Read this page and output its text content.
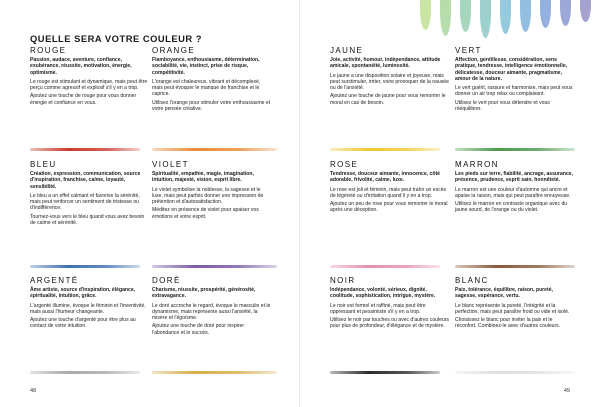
QUELLE SERA VOTRE COULEUR ?
ROUGE
Passion, audace, aventure, confiance, exubérance, réussite, motivation, énergie, optimisme.
Le rouge est stimulant et dynamique, mais peut être perçu comme agressif et explosif s'il y en a trop.
Ajoutez une touche de rouge pour vous donner énergie et confiance en vous.
ORANGE
Flamboyance, enthousiasme, détermination, sociabilité, vie, instinct, prise de risque, compétitivité.
L'orange est chaleureux, vibrant et décomplexé, mais peut évoquer le manque de franchise et le caprice.
Utilisez l'orange pour stimuler votre enthousiasme et votre pensée créative.
BLEU
Création, expression, communication, source d'inspiration, franchise, calme, loyauté, sensibilité.
Le bleu a un effet calmant et favorise la sérénité, mais peut renforcer un sentiment de tristesse ou d'indifférence.
Tournez-vous vers le bleu quand vous avez besoin de calme et sérénité.
VIOLET
Spiritualité, empathie, magie, imagination, intuition, majesté, vision, esprit libre.
Le violet symbolise la noblesse, la sagesse et le luxe, mais peut parfois donner une impression de prétention et d'autosatisfaction.
Méditez en présence de violet pour apaiser vos émotions et votre esprit.
ARGENTÉ
Âme artiste, source d'inspiration, élégance, spiritualité, intuition, grâce.
L'argenté illumine, évoque le féminin et l'inventivité, mais aussi l'humeur changeante.
Ajoutez une touche d'argenté pour être plus au contact de votre intuition.
DORÉ
Charisme, réussite, prospérité, générosité, extravagance.
Le doré accroche le regard, évoque le masculin et le dynamisme, mais représente aussi l'anxiété, la misère et l'égoïsme.
Ajoutez une touche de doré pour inspirer l'abondance et le succès.
48
JAUNE
Joie, activité, humour, indépendance, attitude amicale, spontanéité, luminosité.
Le jaune a une disposition solaire et joyeuse, mais peut surstimuler, irriter, voire provoquer de la nausée ou de l'anxiété.
Ajoutez une touche de jaune pour vous remonter le moral en cas de besoin.
VERT
Affection, gentillesse, considération, sens pratique, tendresse, intelligence émotionnelle, délicatesse, douceur aimante, pragmatisme, amour de la nature.
Le vert guérit, rassure et harmonise, mais peut vous donner un air trop relax ou complaisant.
Utilisez le vert pour vous détendre et vous rééquilibrer.
ROSE
Tendresse, douceur aimante, innocence, côté adorable, frivolité, calme, luxe.
Le rose est joli et féminin, mais peut trahir un excès de légèreté ou d'irritation quand il y en a trop.
Ajoutez un peu de rose pour vous remonter le moral après une déception.
MARRON
Les pieds sur terre, fiabilité, ancrage, assurance, présence, prudence, esprit sain, honnêteté.
Le marron est une couleur d'automne qui ancre et apaise la raison, mais qui peut paraître ennuyeuse.
Utilisez le marron en contraste organique avec du jaune sourd, de l'orange ou du violet.
NOIR
Indépendance, volonté, sérieux, dignité, coolitude, sophistication, intrigue, mystère.
Le noir est formel et raffiné, mais peut être oppressant et pessimiste s'il y en a trop.
Utilisez le noir par touches ou avec d'autres couleurs pour plus de profondeur, d'élégance et de mystère.
BLANC
Paix, tolérance, équilibre, raison, pureté, sagesse, espérance, vertu.
Le blanc représente la pureté, l'intégrité et la perfection, mais peut paraître froid ou vide et isolé.
Choisissez le blanc pour inviter la paix et le réconfort. Combinez-le avec d'autres couleurs.
49
